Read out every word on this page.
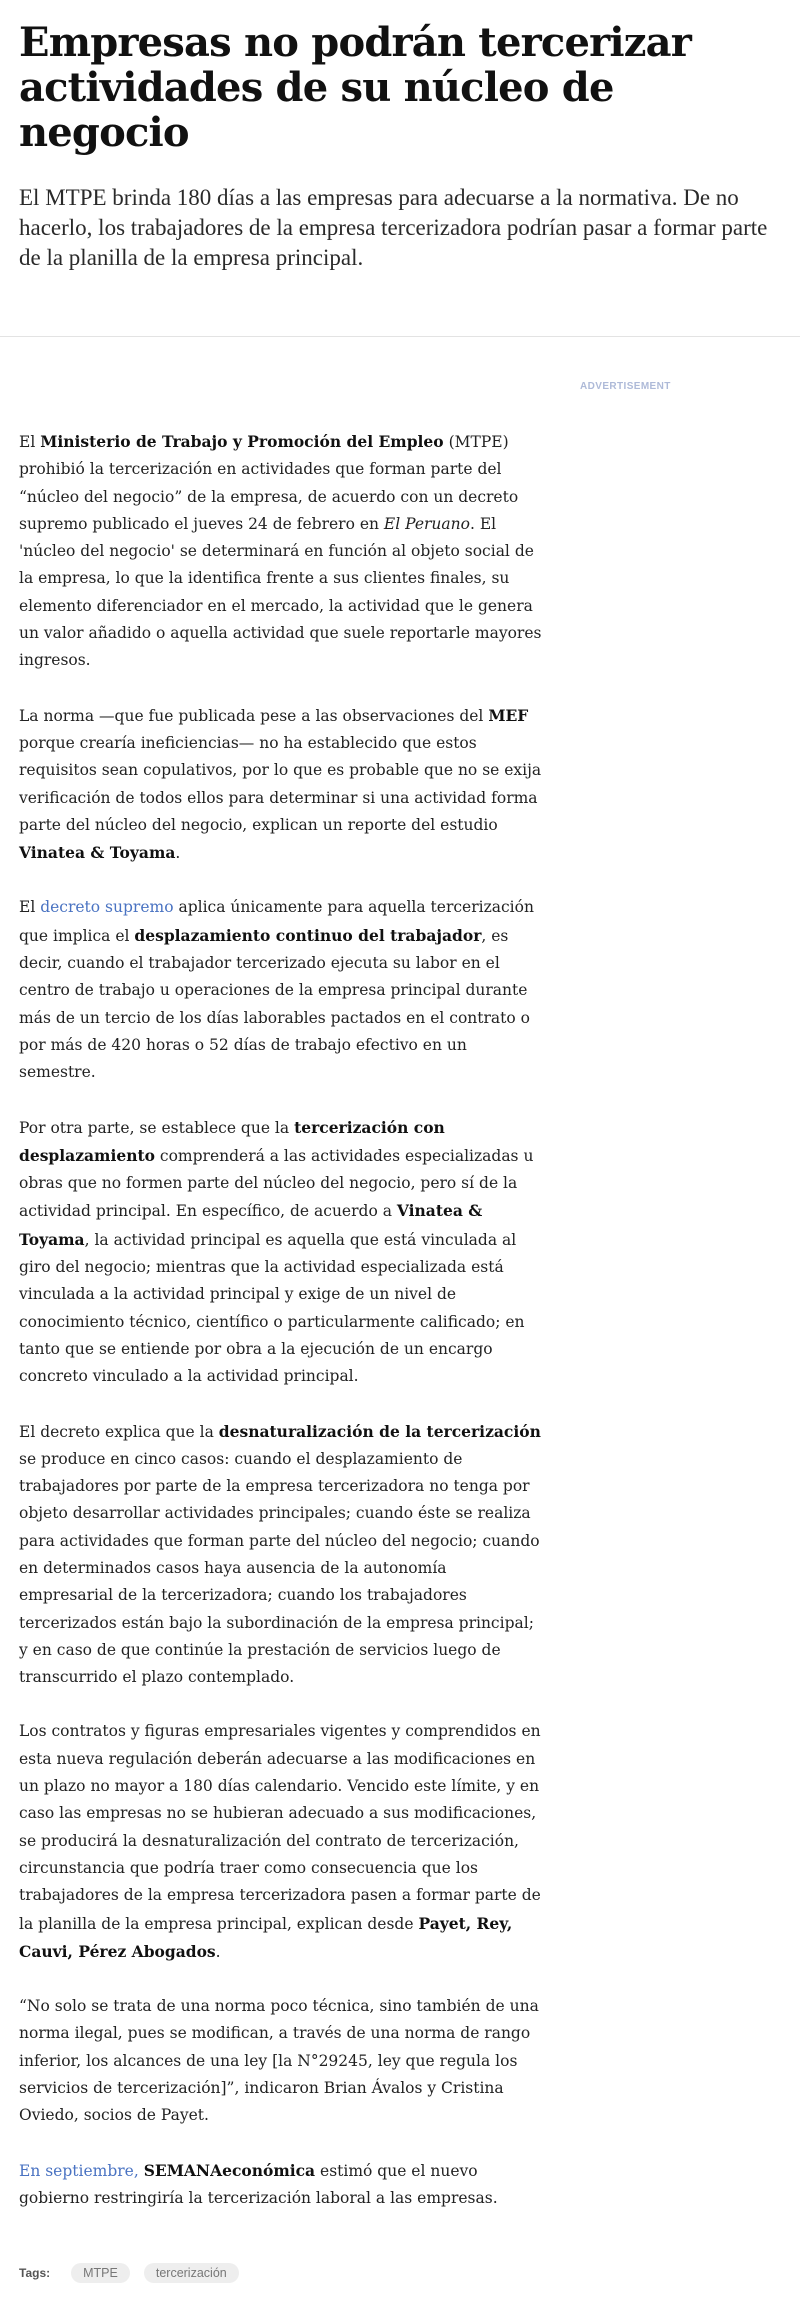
Empresas no podrán tercerizar actividades de su núcleo de negocio

El MTPE brinda 180 días a las empresas para adecuarse a la normativa. De no hacerlo, los trabajadores de la empresa tercerizadora podrían pasar a formar parte de la planilla de la empresa principal.

ADVERTISEMENT

El Ministerio de Trabajo y Promoción del Empleo (MTPE) prohibió la tercerización en actividades que forman parte del “núcleo del negocio” de la empresa, de acuerdo con un decreto supremo publicado el jueves 24 de febrero en El Peruano. El 'núcleo del negocio' se determinará en función al objeto social de la empresa, lo que la identifica frente a sus clientes finales, su elemento diferenciador en el mercado, la actividad que le genera un valor añadido o aquella actividad que suele reportarle mayores ingresos.

La norma —que fue publicada pese a las observaciones del MEF porque crearía ineficiencias— no ha establecido que estos requisitos sean copulativos, por lo que es probable que no se exija verificación de todos ellos para determinar si una actividad forma parte del núcleo del negocio, explican un reporte del estudio Vinatea & Toyama.

El decreto supremo aplica únicamente para aquella tercerización que implica el desplazamiento continuo del trabajador, es decir, cuando el trabajador tercerizado ejecuta su labor en el centro de trabajo u operaciones de la empresa principal durante más de un tercio de los días laborables pactados en el contrato o por más de 420 horas o 52 días de trabajo efectivo en un semestre.

Por otra parte, se establece que la tercerización con desplazamiento comprenderá a las actividades especializadas u obras que no formen parte del núcleo del negocio, pero sí de la actividad principal. En específico, de acuerdo a Vinatea & Toyama, la actividad principal es aquella que está vinculada al giro del negocio; mientras que la actividad especializada está vinculada a la actividad principal y exige de un nivel de conocimiento técnico, científico o particularmente calificado; en tanto que se entiende por obra a la ejecución de un encargo concreto vinculado a la actividad principal.

El decreto explica que la desnaturalización de la tercerización se produce en cinco casos: cuando el desplazamiento de trabajadores por parte de la empresa tercerizadora no tenga por objeto desarrollar actividades principales; cuando éste se realiza para actividades que forman parte del núcleo del negocio; cuando en determinados casos haya ausencia de la autonomía empresarial de la tercerizadora; cuando los trabajadores tercerizados están bajo la subordinación de la empresa principal; y en caso de que continúe la prestación de servicios luego de transcurrido el plazo contemplado.

Los contratos y figuras empresariales vigentes y comprendidos en esta nueva regulación deberán adecuarse a las modificaciones en un plazo no mayor a 180 días calendario. Vencido este límite, y en caso las empresas no se hubieran adecuado a sus modificaciones, se producirá la desnaturalización del contrato de tercerización, circunstancia que podría traer como consecuencia que los trabajadores de la empresa tercerizadora pasen a formar parte de la planilla de la empresa principal, explican desde Payet, Rey, Cauvi, Pérez Abogados.

“No solo se trata de una norma poco técnica, sino también de una norma ilegal, pues se modifican, a través de una norma de rango inferior, los alcances de una ley [la N°29245, ley que regula los servicios de tercerización]”, indicaron Brian Ávalos y Cristina Oviedo, socios de Payet.

En septiembre, SEMANAeconómica estimó que el nuevo gobierno restringiría la tercerización laboral a las empresas.

Tags:	MTPE	tercerización
